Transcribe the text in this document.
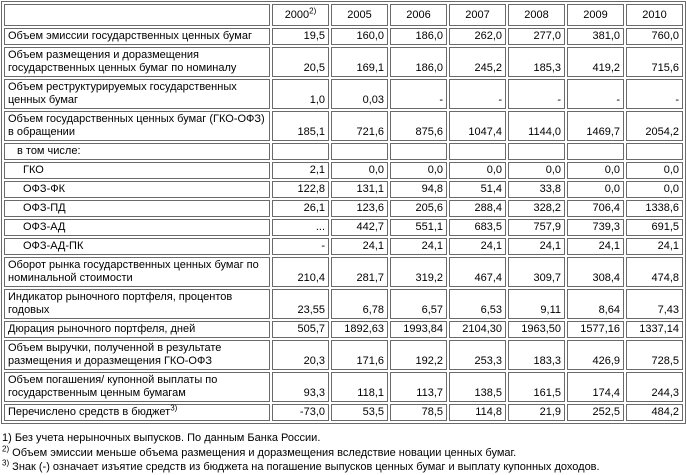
	2000$^{2)}$	2005	2006	2007	2008	2009	2010
Объем эмиссии государственных ценных бумаг	19,5	160,0	186,0	262,0	277,0	381,0	760,0
Объем размещения и доразмещения государственных ценных бумаг по номиналу	20,5	169,1	186,0	245,2	185,3	419,2	715,6
Объем реструктурируемых государственных ценных бумаг	1,0	0,03	-	-	-	-	-
Объем государственных ценных бумаг (ГКО-ОФЗ) в обращении	185,1	721,6	875,6	1047,4	1144,0	1469,7	2054,2
в том числе:							
ГКО	2,1	0,0	0,0	0,0	0,0	0,0	0,0
ОФЗ-ФК	122,8	131,1	94,8	51,4	33,8	0,0	0,0
ОФЗ-ПД	26,1	123,6	205,6	288,4	328,2	706,4	1338,6
ОФЗ-АД	...	442,7	551,1	683,5	757,9	739,3	691,5
ОФЗ-АД-ПК	-	24,1	24,1	24,1	24,1	24,1	24,1
Оборот рынка государственных ценных бумаг по номинальной стоимости	210,4	281,7	319,2	467,4	309,7	308,4	474,8
Индикатор рыночного портфеля, процентов годовых	23,55	6,78	6,57	6,53	9,11	8,64	7,43
Дюрация рыночного портфеля, дней	505,7	1892,63	1993,84	2104,30	1963,50	1577,16	1337,14
Объем выручки, полученной в результате размещения и доразмещения ГКО-ОФЗ	20,3	171,6	192,2	253,3	183,3	426,9	728,5
Объем погашения/ купонной выплаты по государственным ценным бумагам	93,3	118,1	113,7	138,5	161,5	174,4	244,3
Перечислено средств в бюджет$^{3)}$	-73,0	53,5	78,5	114,8	21,9	252,5	484,2
1) Без учета нерыночных выпусков. По данным Банка России.
$^{2)}$ Объем эмиссии меньше объема размещения и доразмещения вследствие новации ценных бумаг.
$^{3)}$ Знак (-) означает изъятие средств из бюджета на погашение выпусков ценных бумаг и выплату купонных доходов.
